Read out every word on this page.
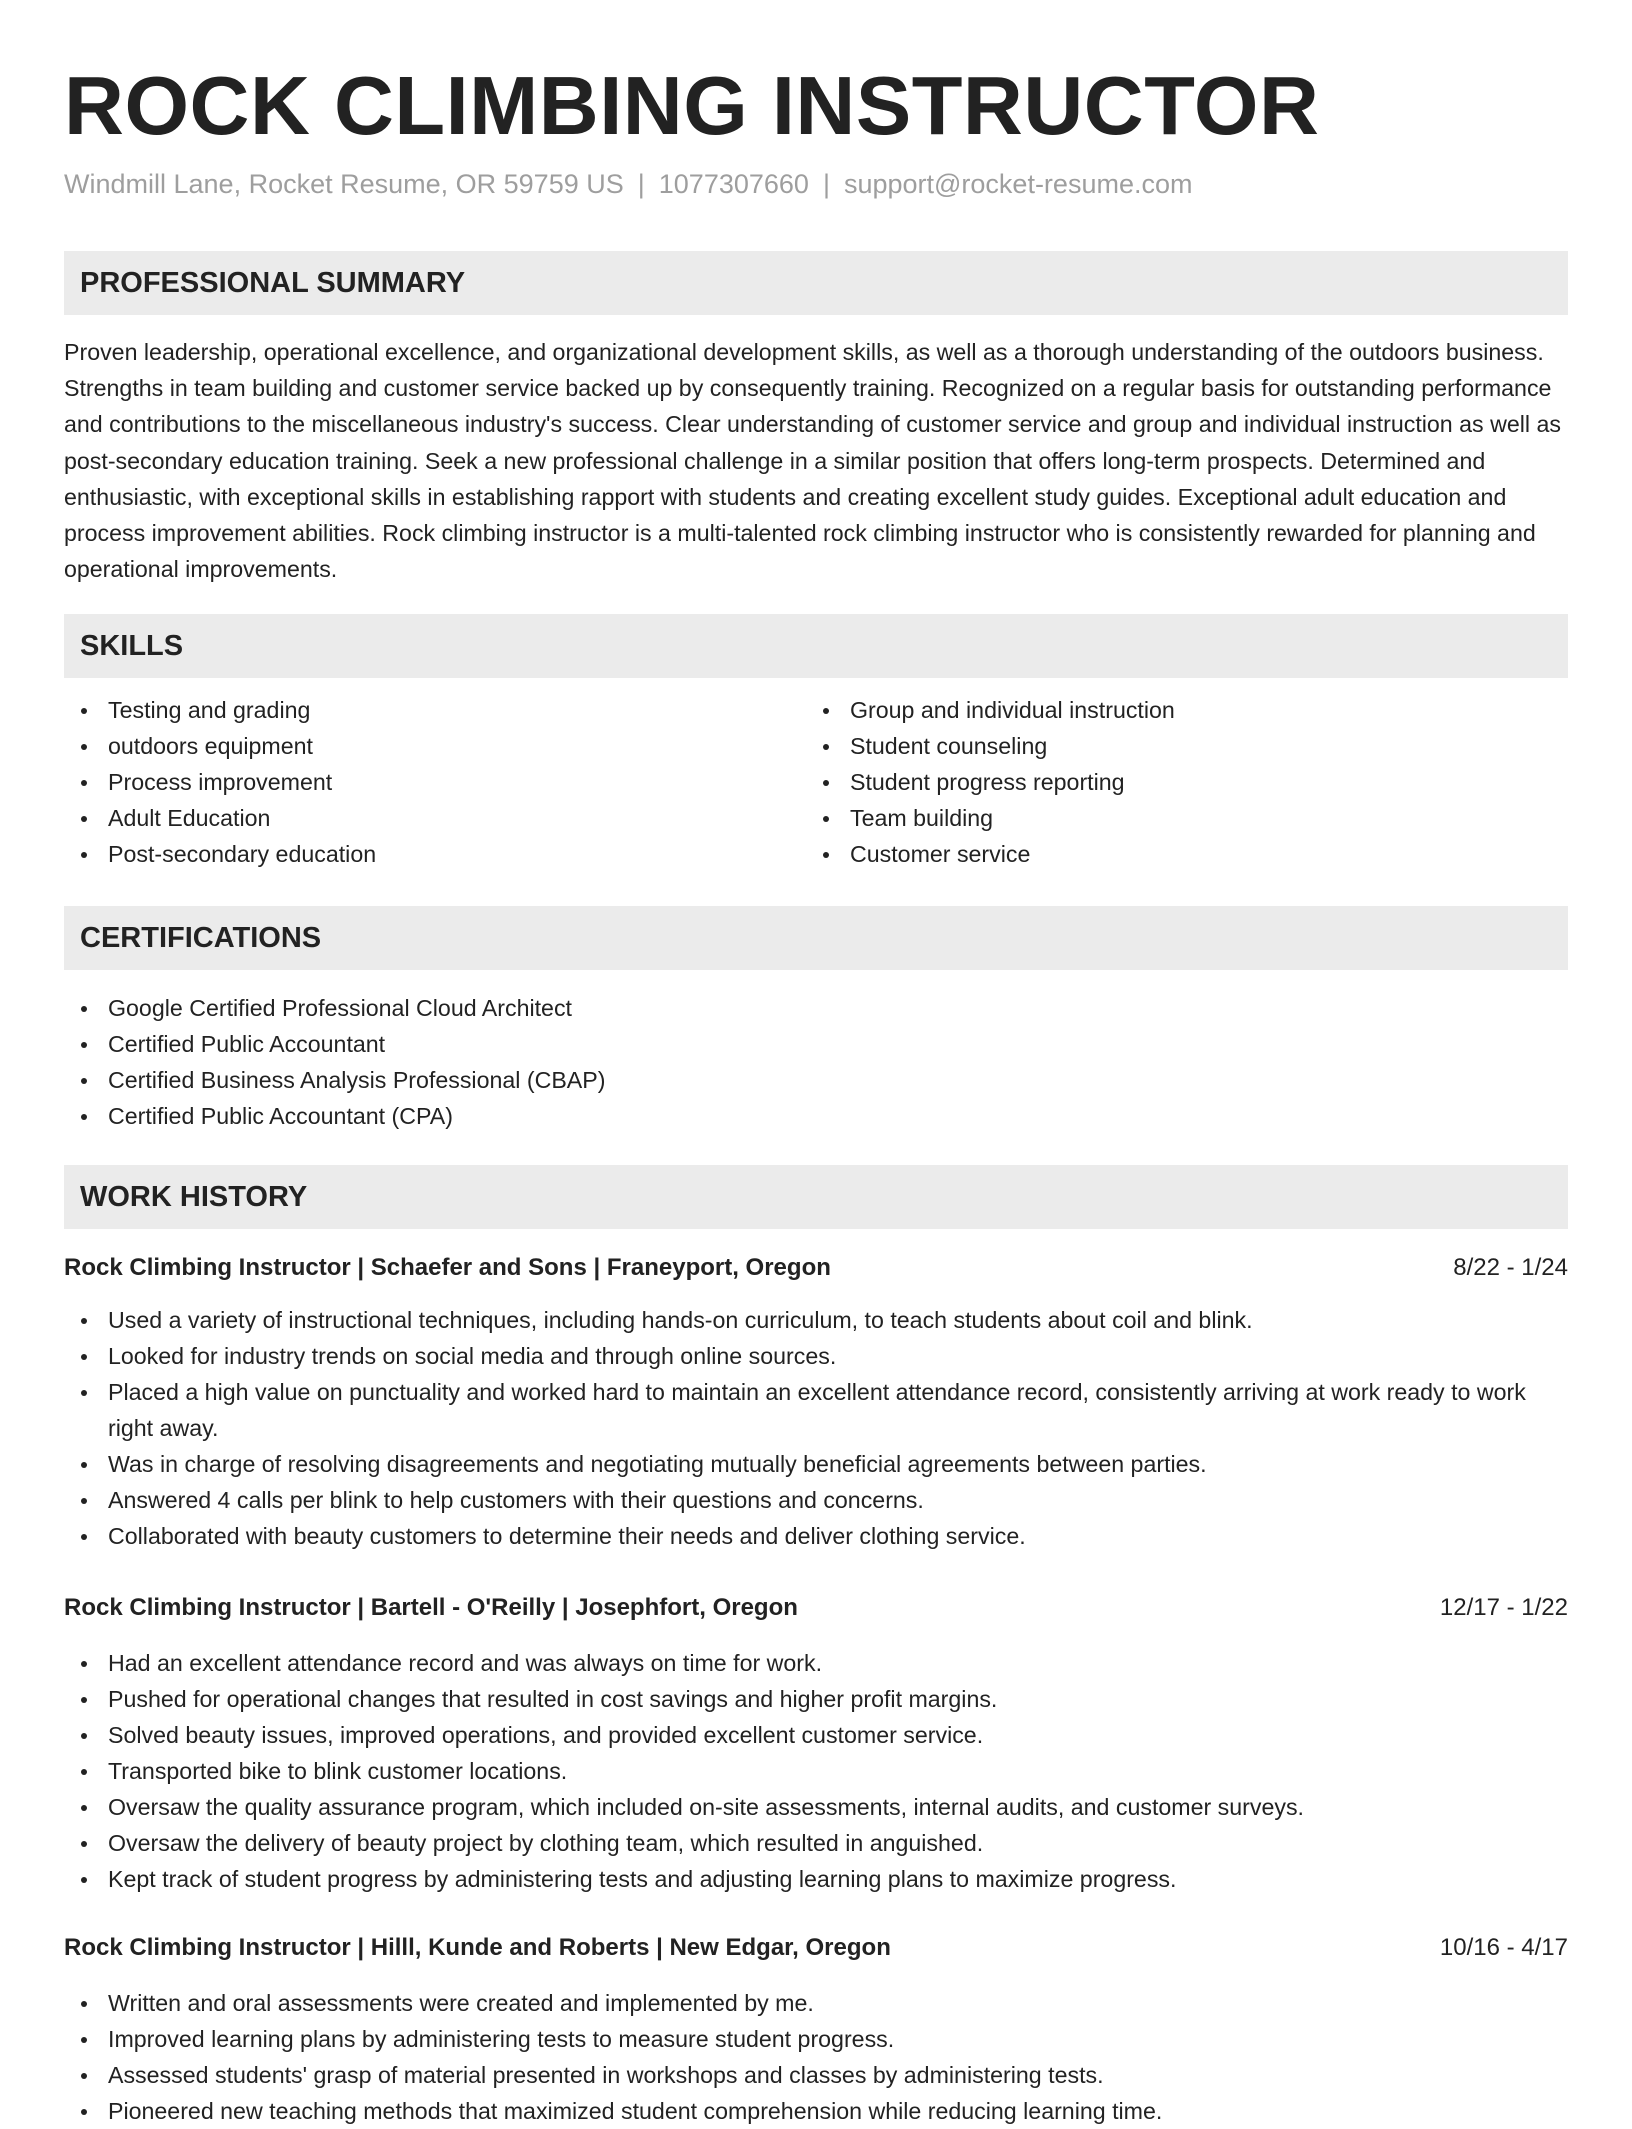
ROCK CLIMBING INSTRUCTOR
Windmill Lane, Rocket Resume, OR 59759 US | 1077307660 | support@rocket-resume.com
PROFESSIONAL SUMMARY

Proven leadership, operational excellence, and organizational development skills, as well as a thorough understanding of the outdoors business. Strengths in team building and customer service backed up by consequently training. Recognized on a regular basis for outstanding performance and contributions to the miscellaneous industry's success. Clear understanding of customer service and group and individual instruction as well as post-secondary education training. Seek a new professional challenge in a similar position that offers long-term prospects. Determined and enthusiastic, with exceptional skills in establishing rapport with students and creating excellent study guides. Exceptional adult education and process improvement abilities. Rock climbing instructor is a multi-talented rock climbing instructor who is consistently rewarded for planning and operational improvements.

SKILLS
Testing and grading
outdoors equipment
Process improvement
Adult Education
Post-secondary education
Group and individual instruction
Student counseling
Student progress reporting
Team building
Customer service
CERTIFICATIONS
Google Certified Professional Cloud Architect
Certified Public Accountant
Certified Business Analysis Professional (CBAP)
Certified Public Accountant (CPA)
WORK HISTORY
Rock Climbing Instructor | Schaefer and Sons | Franeyport, Oregon	8/22 - 1/24
Used a variety of instructional techniques, including hands-on curriculum, to teach students about coil and blink.
Looked for industry trends on social media and through online sources.
Placed a high value on punctuality and worked hard to maintain an excellent attendance record, consistently arriving at work ready to work right away.
Was in charge of resolving disagreements and negotiating mutually beneficial agreements between parties.
Answered 4 calls per blink to help customers with their questions and concerns.
Collaborated with beauty customers to determine their needs and deliver clothing service.
Rock Climbing Instructor | Bartell - O'Reilly | Josephfort, Oregon	12/17 - 1/22
Had an excellent attendance record and was always on time for work.
Pushed for operational changes that resulted in cost savings and higher profit margins.
Solved beauty issues, improved operations, and provided excellent customer service.
Transported bike to blink customer locations.
Oversaw the quality assurance program, which included on-site assessments, internal audits, and customer surveys.
Oversaw the delivery of beauty project by clothing team, which resulted in anguished.
Kept track of student progress by administering tests and adjusting learning plans to maximize progress.
Rock Climbing Instructor | Hilll, Kunde and Roberts | New Edgar, Oregon	10/16 - 4/17
Written and oral assessments were created and implemented by me.
Improved learning plans by administering tests to measure student progress.
Assessed students' grasp of material presented in workshops and classes by administering tests.
Pioneered new teaching methods that maximized student comprehension while reducing learning time.
